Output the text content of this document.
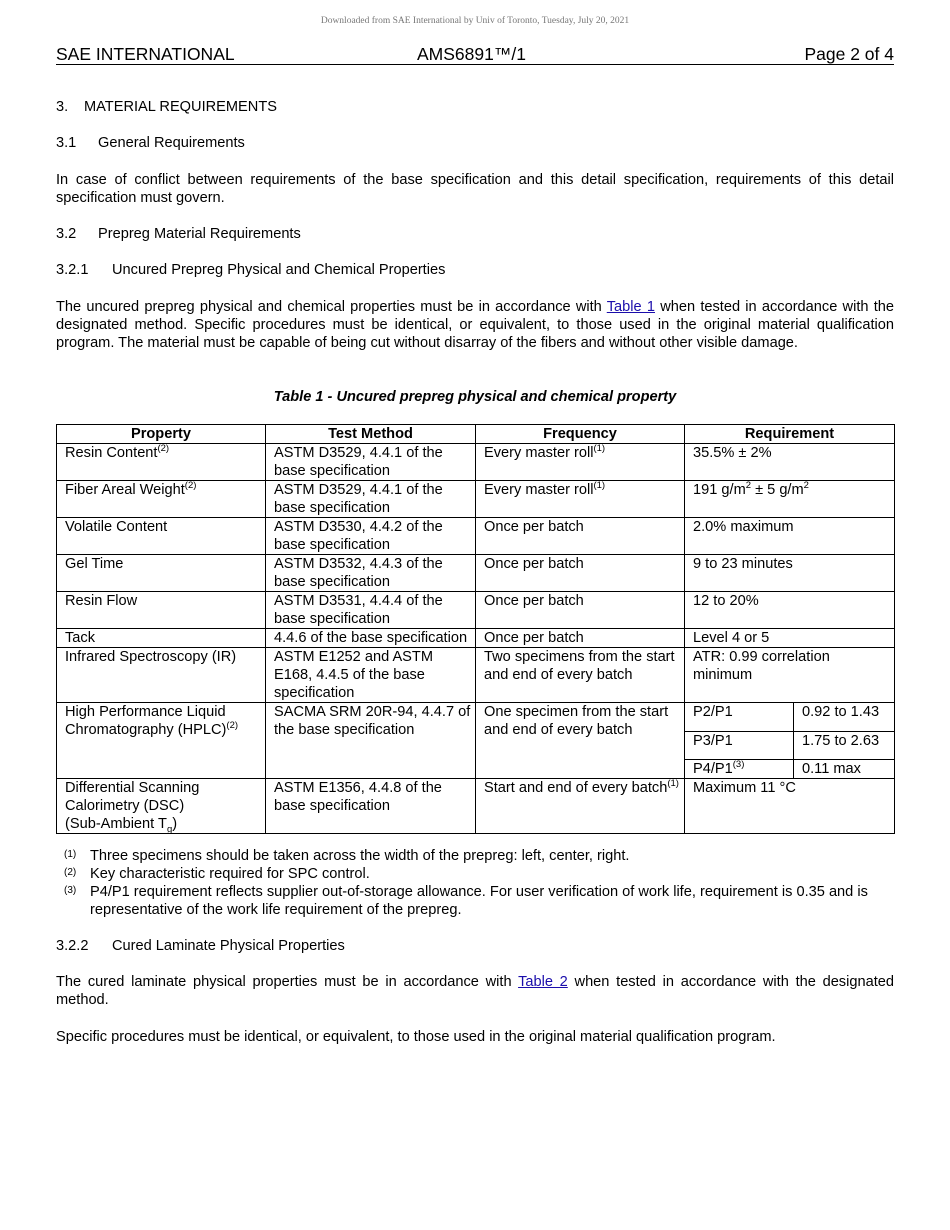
Downloaded from SAE International by Univ of Toronto, Tuesday, July 20, 2021
SAE INTERNATIONAL	AMS6891™/1	Page 2 of 4
3. MATERIAL REQUIREMENTS
3.1 General Requirements
In case of conflict between requirements of the base specification and this detail specification, requirements of this detail specification must govern.
3.2 Prepreg Material Requirements
3.2.1 Uncured Prepreg Physical and Chemical Properties
The uncured prepreg physical and chemical properties must be in accordance with Table 1 when tested in accordance with the designated method. Specific procedures must be identical, or equivalent, to those used in the original material qualification program. The material must be capable of being cut without disarray of the fibers and without other visible damage.
Table 1 - Uncured prepreg physical and chemical property
Property	Test Method	Frequency	Requirement
Resin Content$^{(2)}$	ASTM D3529, 4.4.1 of the base specification	Every master roll$^{(1)}$	35.5% ± 2%
Fiber Areal Weight$^{(2)}$	ASTM D3529, 4.4.1 of the base specification	Every master roll$^{(1)}$	191 $g/m^2 \pm 5$ $g/m^2$
Volatile Content	ASTM D3530, 4.4.2 of the base specification	Once per batch	2.0% maximum
Gel Time	ASTM D3532, 4.4.3 of the base specification	Once per batch	9 to 23 minutes
Resin Flow	ASTM D3531, 4.4.4 of the base specification	Once per batch	12 to 20%
Tack	4.4.6 of the base specification	Once per batch	Level 4 or 5
Infrared Spectroscopy (IR)	ASTM E1252 and ASTM E168, 4.4.5 of the base specification	Two specimens from the start and end of every batch	ATR: 0.99 correlation minimum
High Performance Liquid Chromatography (HPLC)$^{(2)}$	SACMA SRM 20R-94, 4.4.7 of the base specification	One specimen from the start and end of every batch	P2/P1	0.92 to 1.43
P3/P1	1.75 to 2.63
P4/P1$^{(3)}$	0.11 max

Differential Scanning Calorimetry (DSC)
(Sub-Ambient $T_g$)	ASTM E1356, 4.4.8 of the base specification	Start and end of every batch$^{(1)}$	Maximum 11 °C
(1) Three specimens should be taken across the width of the prepreg: left, center, right.
(2) Key characteristic required for SPC control.
(3) P4/P1 requirement reflects supplier out-of-storage allowance. For user verification of work life, requirement is 0.35 and is representative of the work life requirement of the prepreg.
3.2.2 Cured Laminate Physical Properties
The cured laminate physical properties must be in accordance with Table 2 when tested in accordance with the designated method.
Specific procedures must be identical, or equivalent, to those used in the original material qualification program.
